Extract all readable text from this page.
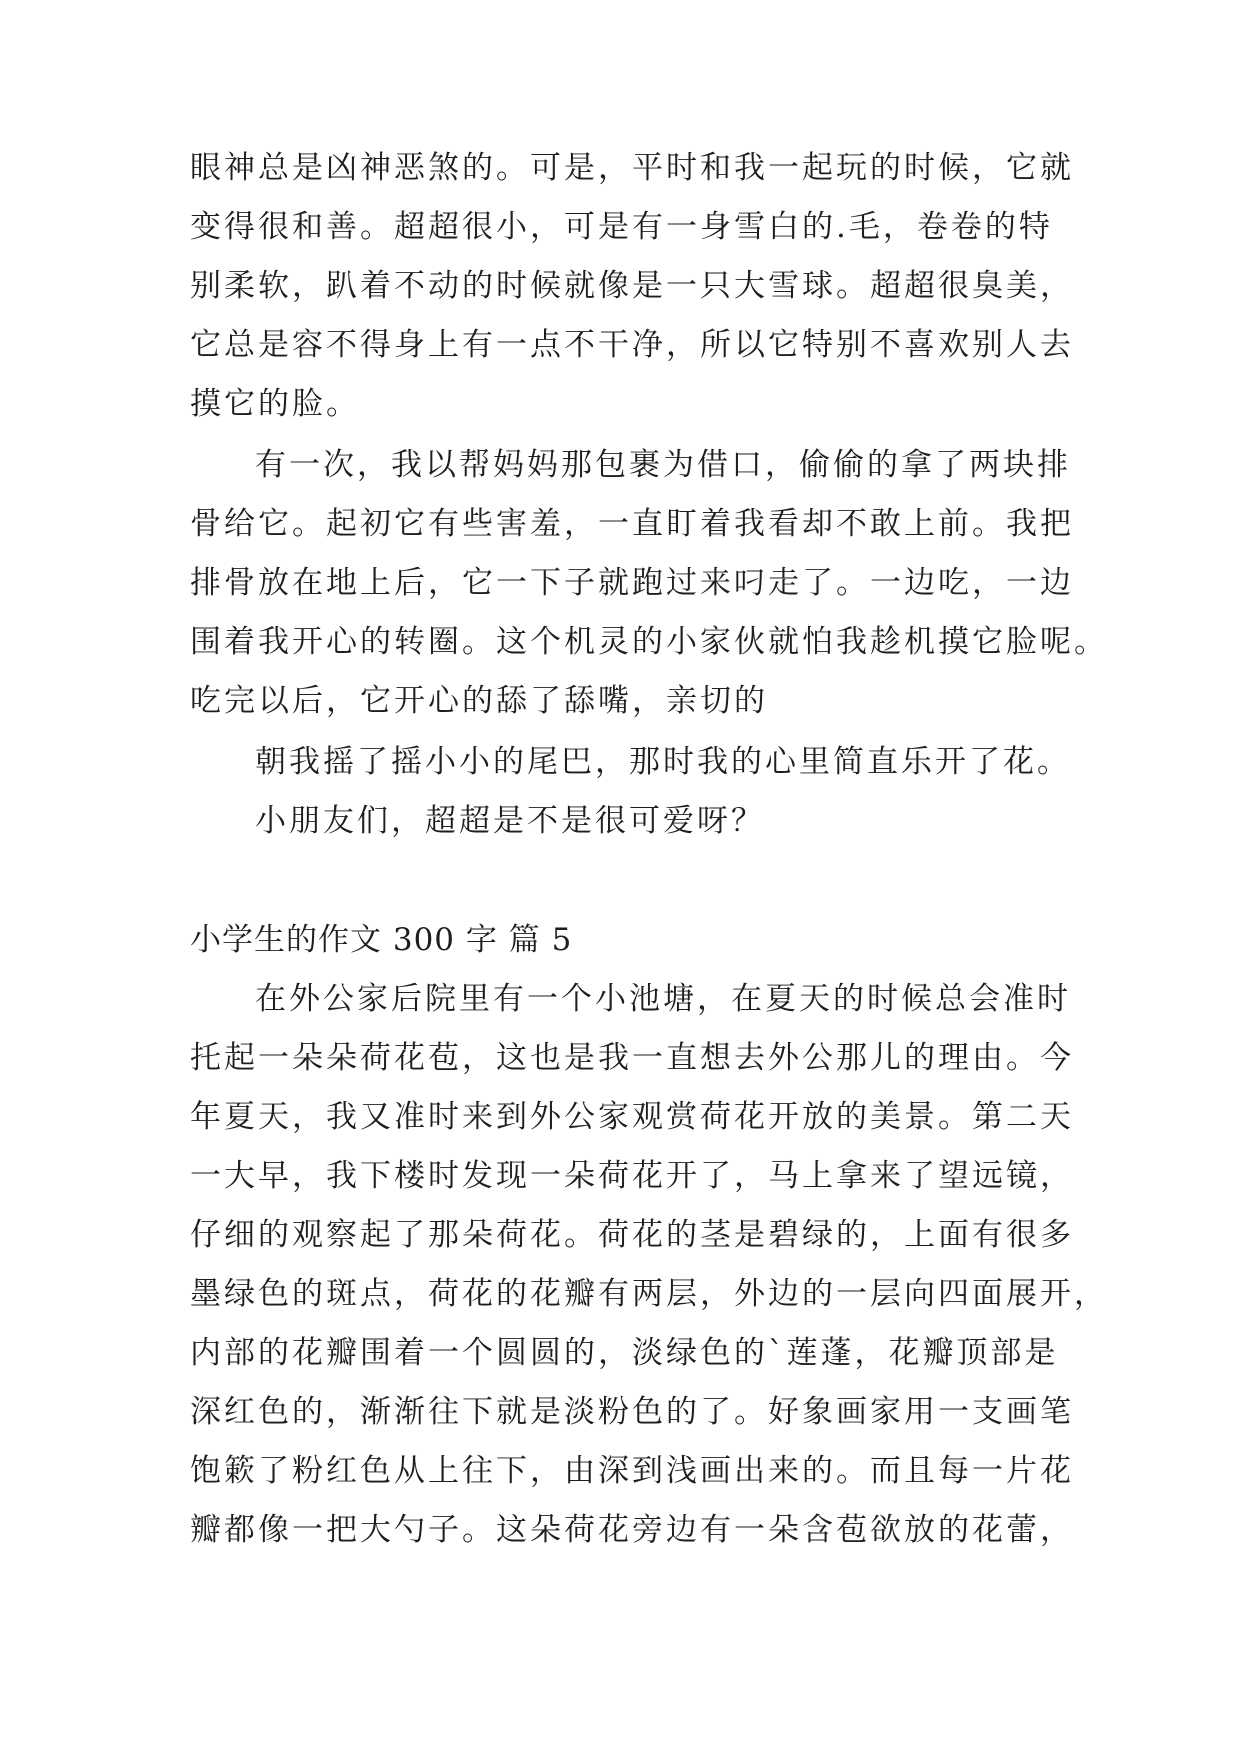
眼神总是凶神恶煞的。可是，平时和我一起玩的时候，它就
变得很和善。超超很小，可是有一身雪白的.毛，卷卷的特
别柔软，趴着不动的时候就像是一只大雪球。超超很臭美，
它总是容不得身上有一点不干净，所以它特别不喜欢别人去
摸它的脸。
有一次，我以帮妈妈那包裹为借口，偷偷的拿了两块排
骨给它。起初它有些害羞，一直盯着我看却不敢上前。我把
排骨放在地上后，它一下子就跑过来叼走了。一边吃，一边
围着我开心的转圈。这个机灵的小家伙就怕我趁机摸它脸呢。
吃完以后，它开心的舔了舔嘴，亲切的
朝我摇了摇小小的尾巴，那时我的心里简直乐开了花。
小朋友们，超超是不是很可爱呀？
小学生的作文 300 字 篇 5
在外公家后院里有一个小池塘，在夏天的时候总会准时
托起一朵朵荷花苞，这也是我一直想去外公那儿的理由。今
年夏天，我又准时来到外公家观赏荷花开放的美景。第二天
一大早，我下楼时发现一朵荷花开了，马上拿来了望远镜，
仔细的观察起了那朵荷花。荷花的茎是碧绿的，上面有很多
墨绿色的斑点，荷花的花瓣有两层，外边的一层向四面展开，
内部的花瓣围着一个圆圆的，淡绿色的`莲蓬，花瓣顶部是
深红色的，渐渐往下就是淡粉色的了。好象画家用一支画笔
饱簌了粉红色从上往下，由深到浅画出来的。而且每一片花
瓣都像一把大勺子。这朵荷花旁边有一朵含苞欲放的花蕾，
